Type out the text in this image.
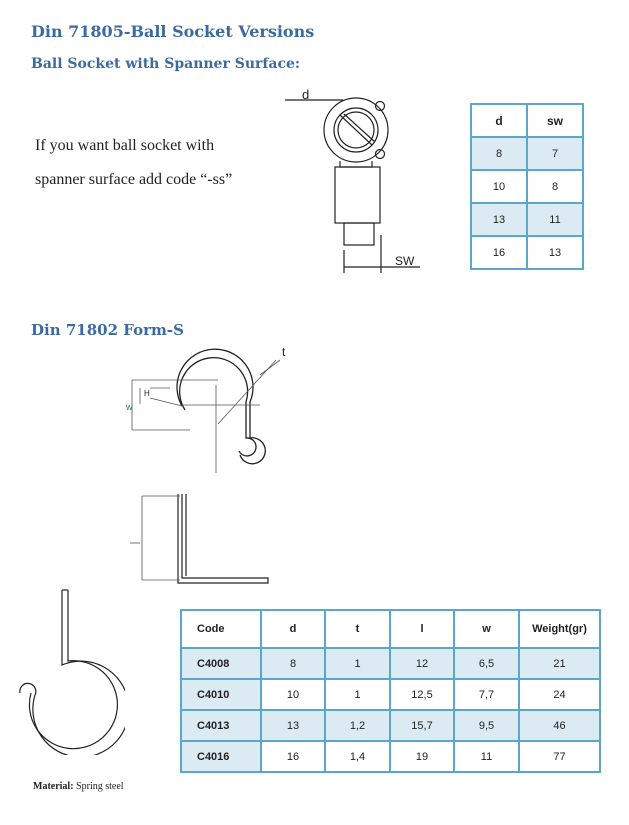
Din 71805-Ball Socket Versions
Ball Socket with Spanner Surface:
If you want ball socket with
spanner surface add code “-ss”
d
SW
d	sw
8	7
10	8
13	11
16	13
Din 71802 Form-S
t
H
w
Code	d	t	l	w	Weight(gr)
C4008	8	1	12	6,5	21
C4010	10	1	12,5	7,7	24
C4013	13	1,2	15,7	9,5	46
C4016	16	1,4	19	11	77
Material: Spring steel
